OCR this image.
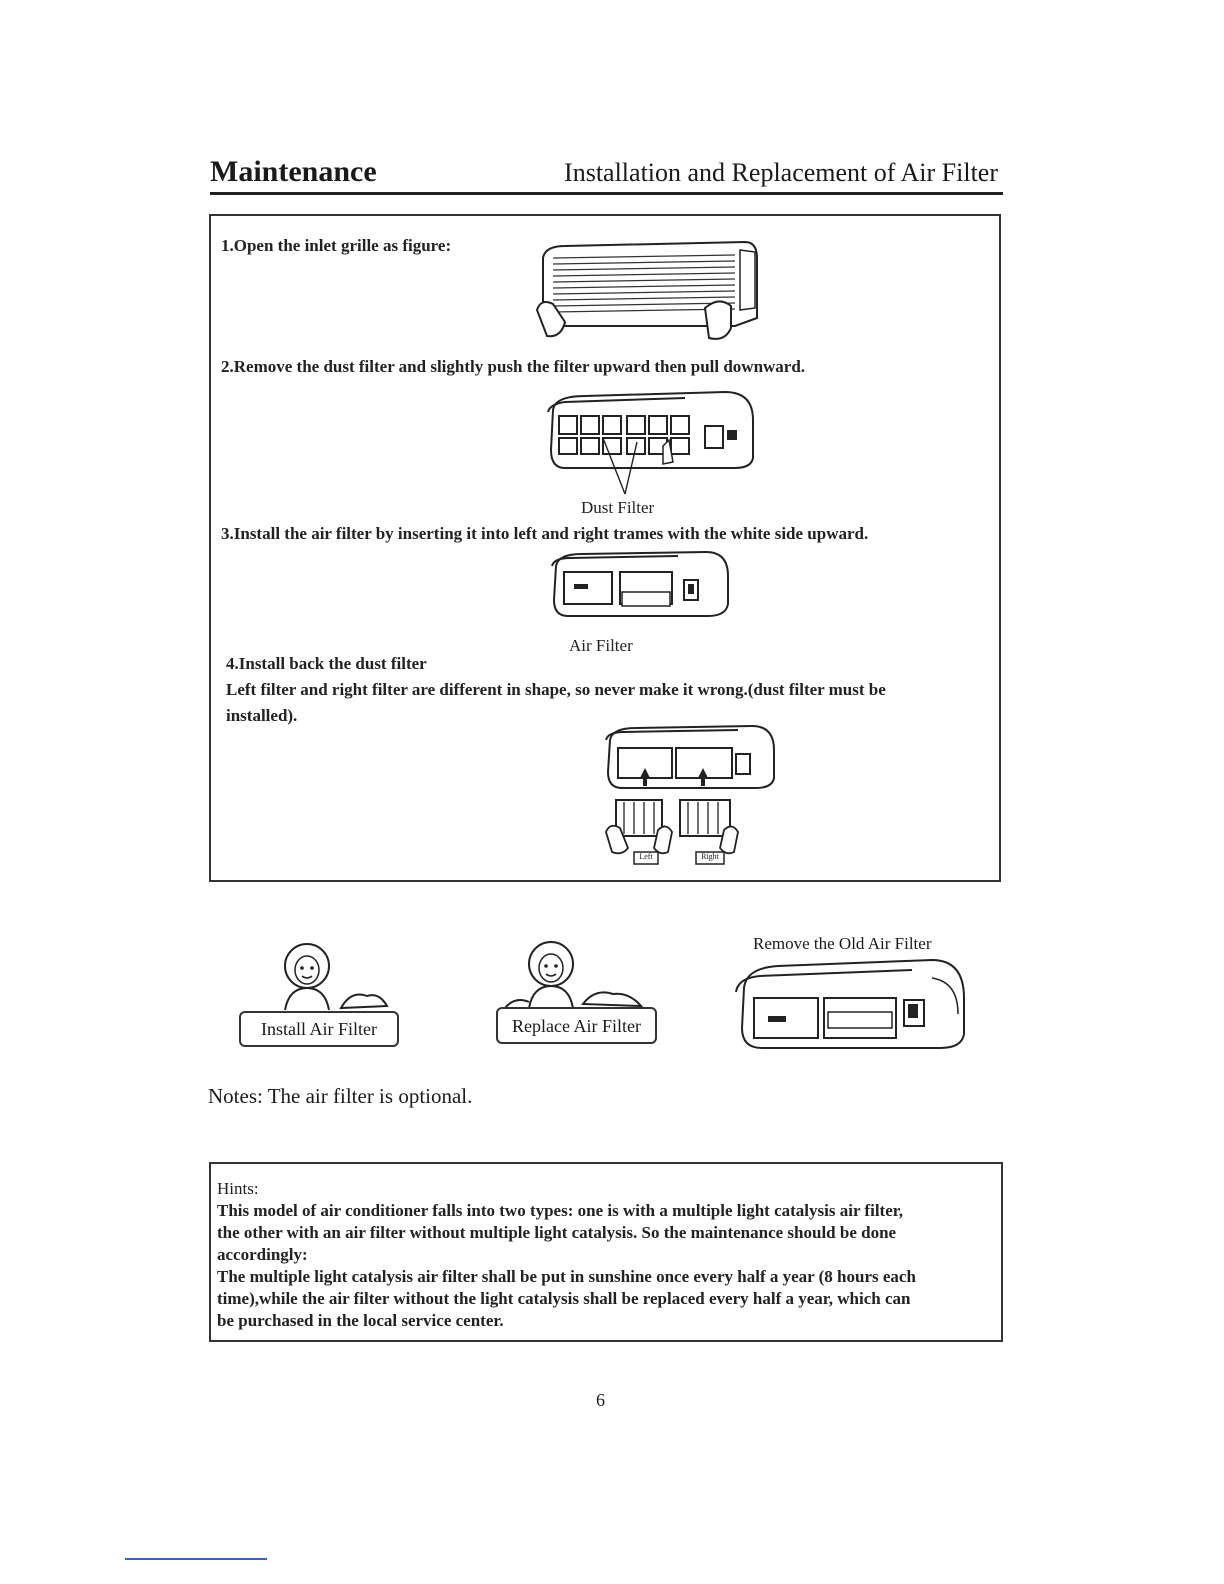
Maintenance	Installation and Replacement of Air Filter
1.Open the inlet grille as figure:
2.Remove the dust filter and slightly push the filter upward then pull downward.
Dust Filter
3.Install the air filter by inserting it into left and right trames with the white side upward.
Air Filter
4.Install back the dust filter
Left filter and right filter are different in shape, so never make it wrong.(dust filter must be
installed).
Left	Right
Install Air Filter	Replace Air Filter
Remove the Old Air Filter
Notes: The air filter is optional.

Hints:

This model of air conditioner falls into two types: one is with a multiple light catalysis air filter,

the other with an air filter without multiple light catalysis. So the maintenance should be done

accordingly:

The multiple light catalysis air filter shall be put in sunshine once every half a year (8 hours each

time),while the air filter without the light catalysis shall be replaced every half a year, which can

be purchased in the local service center.

6
